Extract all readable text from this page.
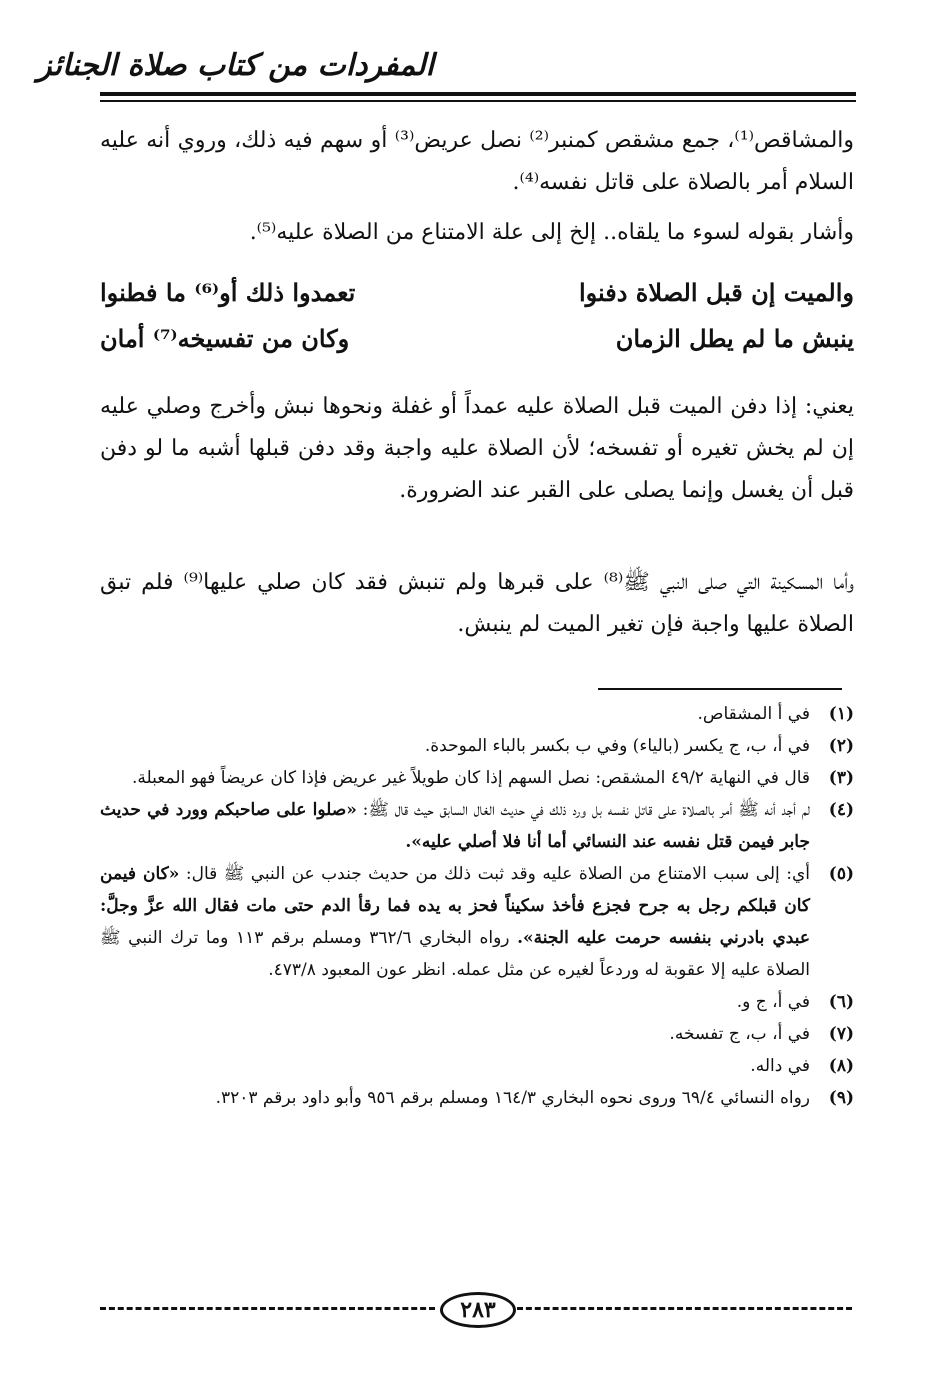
المفردات من كتاب صلاة الجنائز
والمشاقص⁽¹⁾، جمع مشقص كمنبر⁽²⁾ نصل عريض⁽³⁾ أو سهم فيه ذلك، وروي أنه عليه السلام أمر بالصلاة على قاتل نفسه⁽⁴⁾.
وأشار بقوله لسوء ما يلقاه.. إلخ إلى علة الامتناع من الصلاة عليه⁽⁵⁾.
والميت إن قبل الصلاة دفنوا
تعمدوا ذلك أو⁽⁶⁾ ما فطنوا
ينبش ما لم يطل الزمان
وكان من تفسيخه⁽⁷⁾ أمان
يعني: إذا دفن الميت قبل الصلاة عليه عمداً أو غفلة ونحوها نبش وأخرج وصلي عليه إن لم يخش تغيره أو تفسخه؛ لأن الصلاة عليه واجبة وقد دفن قبلها أشبه ما لو دفن قبل أن يغسل وإنما يصلى على القبر عند الضرورة.
وأما المسكينة التي صلى النبي ﷺ⁽⁸⁾ على قبرها ولم تنبش فقد كان صلي عليها⁽⁹⁾ فلم تبق الصلاة عليها واجبة فإن تغير الميت لم ينبش.
(١)
في أ المشقاص.
(٢)
في أ، ب، ج يكسر (بالياء) وفي ب بكسر بالباء الموحدة.
(٣)
قال في النهاية ٤٩/٢ المشقص: نصل السهم إذا كان طويلاً غير عريض فإذا كان عريضاً فهو المعبلة.
(٤)
لم أجد أنه ﷺ أمر بالصلاة على قاتل نفسه بل ورد ذلك في حديث الغال السابق حيث قال ﷺ: «صلوا على صاحبكم وورد في حديث جابر فيمن قتل نفسه عند النسائي أما أنا فلا أصلي عليه».
(٥)
أي: إلى سبب الامتناع من الصلاة عليه وقد ثبت ذلك من حديث جندب عن النبي ﷺ قال: «كان فيمن كان قبلكم رجل به جرح فجزع فأخذ سكيناً فحز به يده فما رقأ الدم حتى مات فقال الله عزَّ وجلَّ: عبدي بادرني بنفسه حرمت عليه الجنة». رواه البخاري ٣٦٢/٦ ومسلم برقم ١١٣ وما ترك النبي ﷺ الصلاة عليه إلا عقوبة له وردعاً لغيره عن مثل عمله. انظر عون المعبود ٤٧٣/٨.
(٦)
في أ، ج و.
(٧)
في أ، ب، ج تفسخه.
(٨)
في داله.
(٩)
رواه النسائي ٦٩/٤ وروى نحوه البخاري ١٦٤/٣ ومسلم برقم ٩٥٦ وأبو داود برقم ٣٢٠٣.
٢٨٣
